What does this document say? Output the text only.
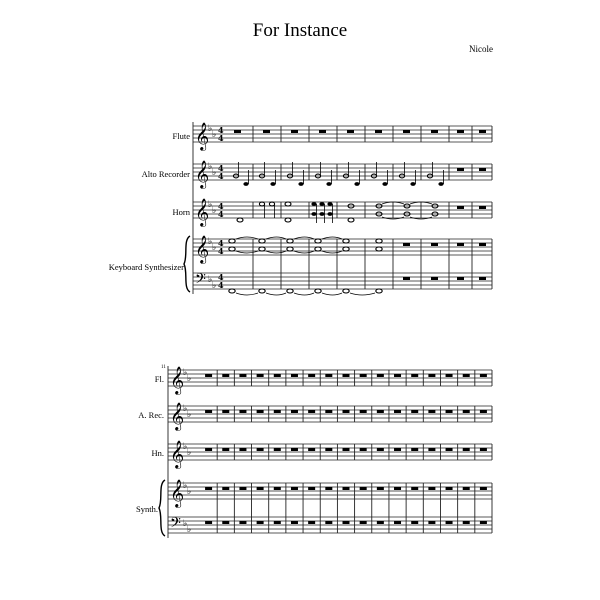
For Instance
Nicole
Flute
Alto Recorder
Horn
Keyboard Synthesizer
Fl.
A. Rec.
Hn.
Synth.
𝄞
𝄞
𝄞
𝄞
𝄢
♭
♭
♭
♭
♭
♭
♭
♭
♭
♭
4
4
4
4
4
4
4
4
4
4
11 𝄞
𝄞
𝄞
𝄞
𝄢
♭
♭
♭
♭
♭
♭
♭
♭
♭
♭
